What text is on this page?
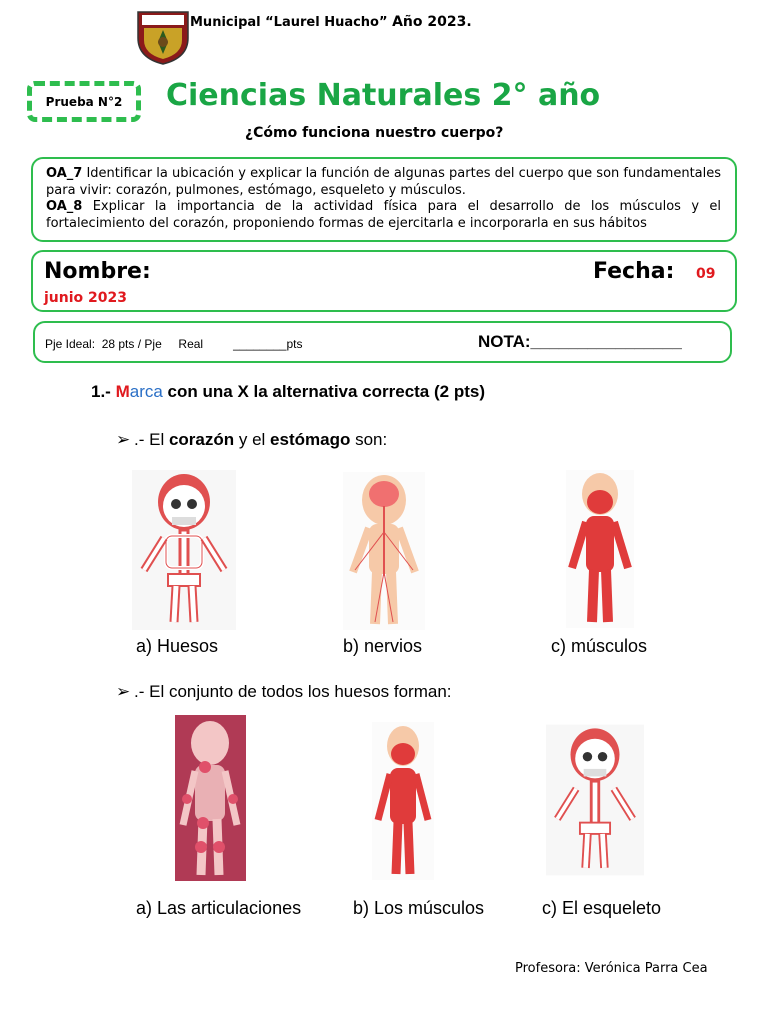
Municipal “Laurel Huacho” Año 2023.
Prueba N°2 Ciencias Naturales 2° año
¿Cómo funciona nuestro cuerpo?
OA_7 Identificar la ubicación y explicar la función de algunas partes del cuerpo que son fundamentales para vivir: corazón, pulmones, estómago, esqueleto y músculos.
OA_8 Explicar la importancia de la actividad física para el desarrollo de los músculos y el fortalecimiento del corazón, proponiendo formas de ejercitarla e incorporarla en sus hábitos
Nombre:	Fecha: 09
junio 2023
Pje Ideal:  28 pts / Pje     Real         ________pts	NOTA:________________
1.- Marca con una X la alternativa correcta (2 pts)
➢ .- El corazón y el estómago son:
a) Huesos	b) nervios	c) músculos
➢ .- El conjunto de todos los huesos forman:
a) Las articulaciones	b) Los músculos	c) El esqueleto
Profesora: Verónica Parra Cea
